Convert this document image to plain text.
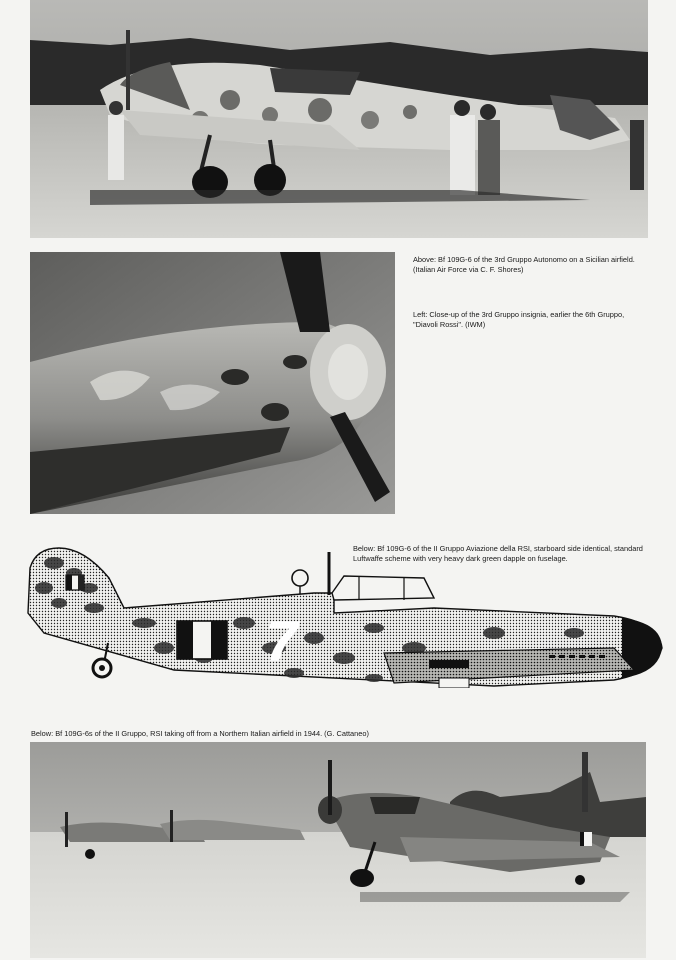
Above: Bf 109G-6 of the 3rd Gruppo Autonomo on a Sicilian airfield. (Italian Air Force via C. F. Shores)

Left: Close-up of the 3rd Gruppo insignia, earlier the 6th Gruppo, "Diavoli Rossi". (IWM)

7

Below: Bf 109G-6 of the II Gruppo Aviazione della RSI, starboard side identical, standard Luftwaffe scheme with very heavy dark green dapple on fuselage.

Below: Bf 109G-6s of the II Gruppo, RSI taking off from a Northern Italian airfield in 1944. (G. Cattaneo)
